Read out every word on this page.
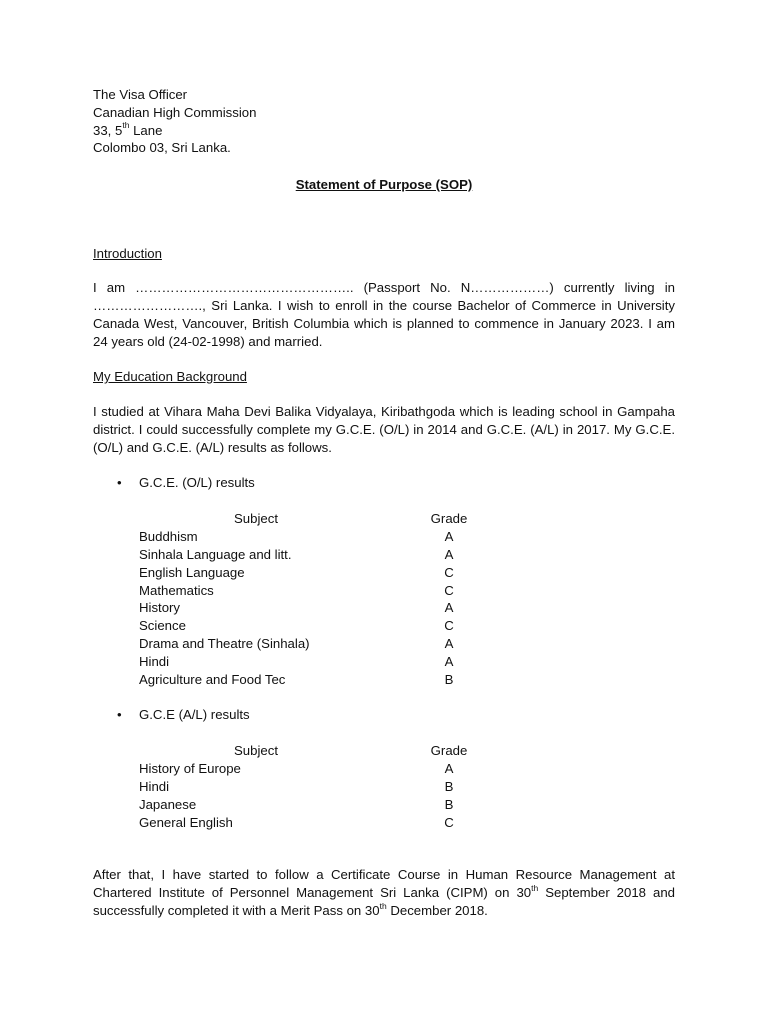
The Visa Officer
Canadian High Commission
33, 5th Lane
Colombo 03, Sri Lanka.
Statement of Purpose (SOP)
Introduction
I am ………………………………………….. (Passport No. N………………) currently living in ……………………., Sri Lanka. I wish to enroll in the course Bachelor of Commerce in University Canada West, Vancouver, British Columbia which is planned to commence in January 2023. I am 24 years old (24-02-1998) and married.
My Education Background
I studied at Vihara Maha Devi Balika Vidyalaya, Kiribathgoda which is leading school in Gampaha district. I could successfully complete my G.C.E. (O/L) in 2014 and G.C.E. (A/L) in 2017. My G.C.E. (O/L) and G.C.E. (A/L) results as follows.
• G.C.E. (O/L) results
Subject	Grade
Buddhism	A
Sinhala Language and litt.	A
English Language	C
Mathematics	C
History	A
Science	C
Drama and Theatre (Sinhala)	A
Hindi	A
Agriculture and Food Tec	B
• G.C.E (A/L) results
Subject	Grade
History of Europe	A
Hindi	B
Japanese	B
General English	C
After that, I have started to follow a Certificate Course in Human Resource Management at Chartered Institute of Personnel Management Sri Lanka (CIPM) on 30th September 2018 and successfully completed it with a Merit Pass on 30th December 2018.
